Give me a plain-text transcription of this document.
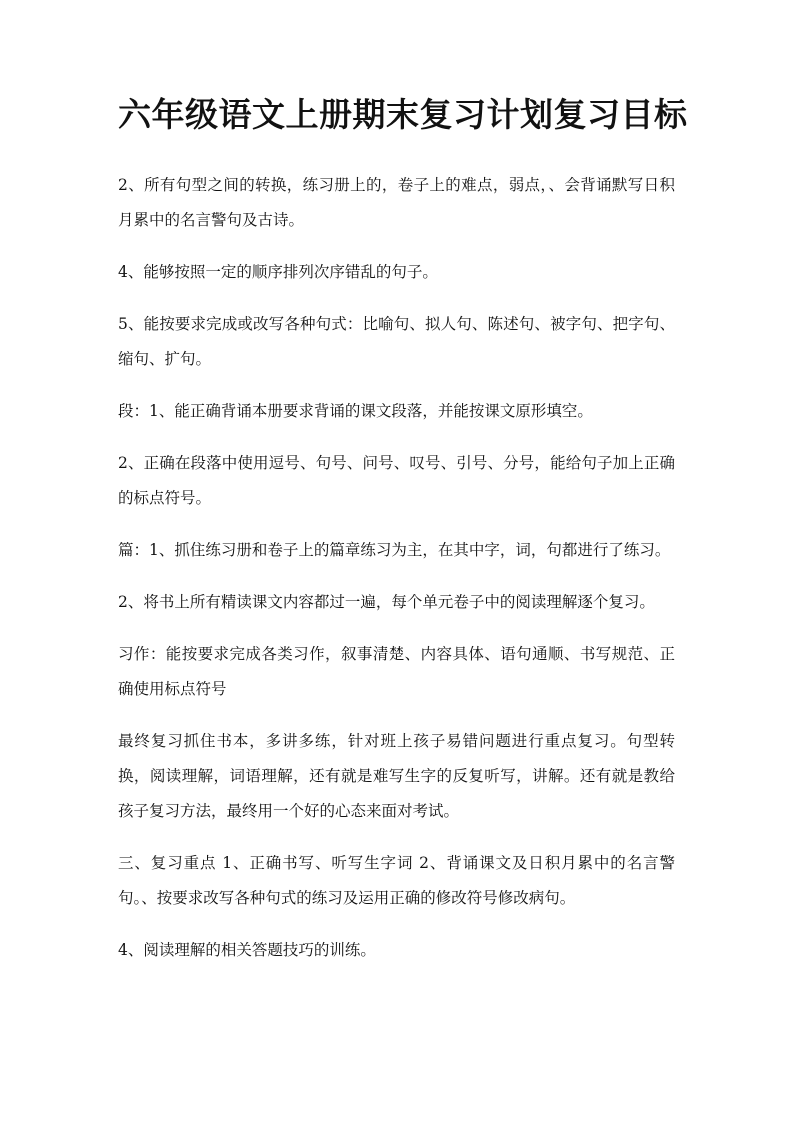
六年级语文上册期末复习计划复习目标

2、所有句型之间的转换，练习册上的，卷子上的难点，弱点，、会背诵默写日积月累中的名言警句及古诗。

4、能够按照一定的顺序排列次序错乱的句子。

5、能按要求完成或改写各种句式：比喻句、拟人句、陈述句、被字句、把字句、缩句、扩句。

段：1、能正确背诵本册要求背诵的课文段落，并能按课文原形填空。

2、正确在段落中使用逗号、句号、问号、叹号、引号、分号，能给句子加上正确的标点符号。

篇：1、抓住练习册和卷子上的篇章练习为主，在其中字，词，句都进行了练习。

2、将书上所有精读课文内容都过一遍，每个单元卷子中的阅读理解逐个复习。

习作：能按要求完成各类习作，叙事清楚、内容具体、语句通顺、书写规范、正确使用标点符号

最终复习抓住书本，多讲多练，针对班上孩子易错问题进行重点复习。句型转换，阅读理解，词语理解，还有就是难写生字的反复听写，讲解。还有就是教给孩子复习方法，最终用一个好的心态来面对考试。

三、复习重点 1、正确书写、听写生字词 2、背诵课文及日积月累中的名言警句。、按要求改写各种句式的练习及运用正确的修改符号修改病句。

4、阅读理解的相关答题技巧的训练。
